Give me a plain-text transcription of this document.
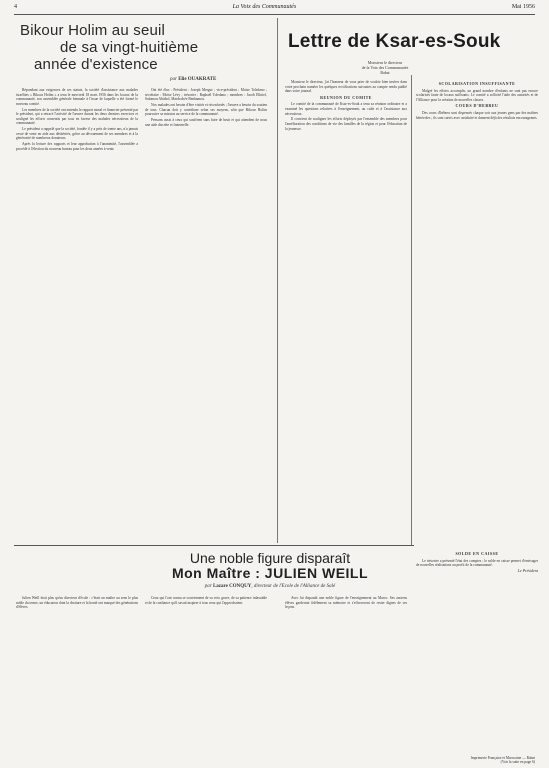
4	La Voix des Communautés	Mai 1956
Bikour Holim au seuil
de sa vingt-huitième
année d'existence
par Elie OUAKRATE

Répondant aux exigences de ses statuts, la société d'assistance aux malades israélites « Bikour Holim » a tenu le mercredi 18 mars 1956 dans les locaux de la communauté, son assemblée générale biennale à l'issue de laquelle a été formé le nouveau comité.

Les membres de la société ont entendu le rapport moral et financier présenté par le président, qui a retracé l'activité de l'œuvre durant les deux derniers exercices et souligné les efforts consentis par tous en faveur des malades nécessiteux de la communauté.

Le président a rappelé que la société, fondée il y a près de trente ans, n'a jamais cessé de venir en aide aux déshérités, grâce au dévouement de ses membres et à la générosité de nombreux donateurs.

Après la lecture des rapports et leur approbation à l'unanimité, l'assemblée a procédé à l'élection du nouveau bureau pour les deux années à venir.

Ont été élus : Président : Joseph Mergui ; vice-président : Moïse Toledano ; secrétaire : Moïse Lévy ; trésorier : Raphaël Toledano ; membres : Jacob Elkrief, Salomon Abitbol, Mardochée Benhamou.

Nos malades ont besoin d'être visités et réconfortés ; l'œuvre a besoin du soutien de tous. Chacun doit y contribuer selon ses moyens, afin que Bikour Holim poursuive sa mission au service de la communauté.

Pensons aussi à ceux qui souffrent sans faire de bruit et qui attendent de nous une aide discrète et fraternelle.

Lettre de Ksar-es-Souk
Monsieur le directeur
de la Voix des Communautés
Rabat

Monsieur le directeur, j'ai l'honneur de vous prier de vouloir bien insérer dans votre prochain numéro les quelques rectifications suivantes au compte rendu publié dans votre journal.

REUNION DU COMITE

Le comité de la communauté de Ksar-es-Souk a tenu sa réunion ordinaire et a examiné les questions relatives à l'enseignement, au culte et à l'assistance aux nécessiteux.

Il convient de souligner les efforts déployés par l'ensemble des membres pour l'amélioration des conditions de vie des familles de la région et pour l'éducation de la jeunesse.

SCOLARISATION INSUFFISANTE

Malgré les efforts accomplis, un grand nombre d'enfants ne sont pas encore scolarisés faute de locaux suffisants. Le comité a sollicité l'aide des autorités et de l'Alliance pour la création de nouvelles classes.

COURS D'HEBREU

Des cours d'hébreu sont dispensés chaque soir aux jeunes gens par des maîtres bénévoles ; ils sont suivis avec assiduité et donnent déjà des résultats encourageants.

Une noble figure disparaît
Mon Maître : JULIEN WEILL
par Lazare CONQUY, directeur de l'Ecole de l'Alliance de Salé

Julien Weill était plus qu'un directeur d'école : c'était un maître au sens le plus noble du terme, un éducateur dont la droiture et la bonté ont marqué des générations d'élèves.

Ceux qui l'ont connu se souviennent de sa voix grave, de sa patience inlassable et de la confiance qu'il savait inspirer à tous ceux qui l'approchaient.

Avec lui disparaît une noble figure de l'enseignement au Maroc. Ses anciens élèves garderont fidèlement sa mémoire et s'efforceront de rester dignes de ses leçons.

SOLDE EN CAISSE

Le trésorier a présenté l'état des comptes ; le solde en caisse permet d'envisager de nouvelles réalisations au profit de la communauté.

Le Président
Imprimerie Française et Marocaine — Rabat
(Voir la suite en page 6)
